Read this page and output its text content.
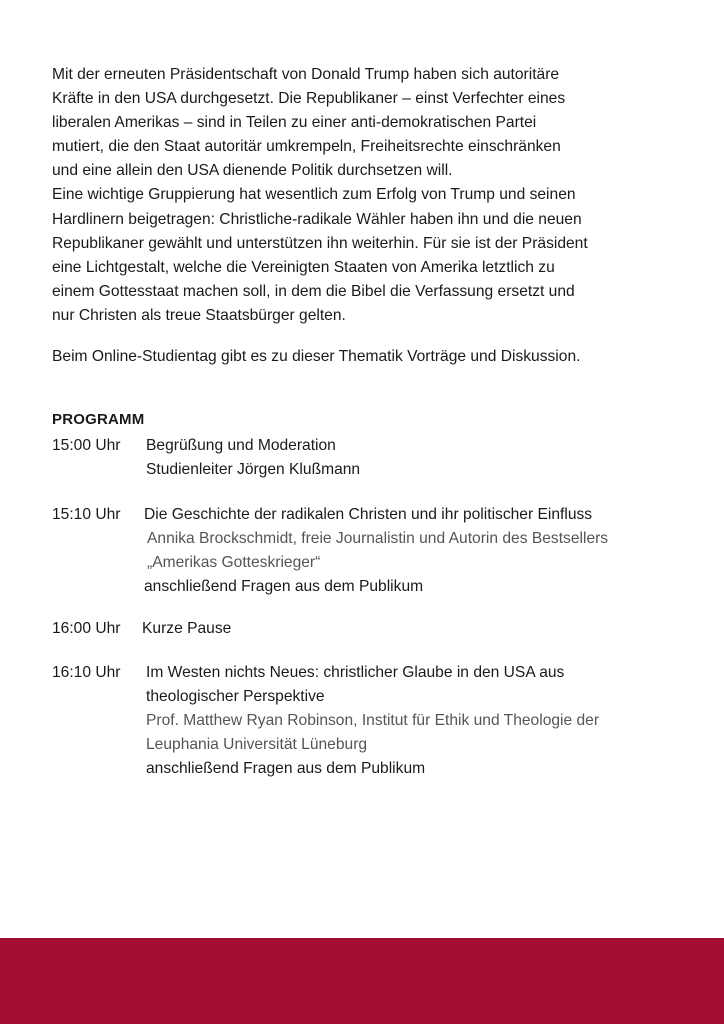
Mit der erneuten Präsidentschaft von Donald Trump haben sich autoritäre
Kräfte in den USA durchgesetzt. Die Republikaner – einst Verfechter eines
liberalen Amerikas – sind in Teilen zu einer anti-demokratischen Partei
mutiert, die den Staat autoritär umkrempeln, Freiheitsrechte einschränken
und eine allein den USA dienende Politik durchsetzen will.
Eine wichtige Gruppierung hat wesentlich zum Erfolg von Trump und seinen
Hardlinern beigetragen: Christliche-radikale Wähler haben ihn und die neuen
Republikaner gewählt und unterstützen ihn weiterhin. Für sie ist der Präsident
eine Lichtgestalt, welche die Vereinigten Staaten von Amerika letztlich zu
einem Gottesstaat machen soll, in dem die Bibel die Verfassung ersetzt und
nur Christen als treue Staatsbürger gelten.
Beim Online-Studientag gibt es zu dieser Thematik Vorträge und Diskussion.
PROGRAMM
15:00 Uhr Begrüßung und Moderation
Studienleiter Jörgen Klußmann
15:10 Uhr Die Geschichte der radikalen Christen und ihr politischer Einfluss
Annika Brockschmidt, freie Journalistin und Autorin des Bestsellers
„Amerikas Gotteskrieger“
anschließend Fragen aus dem Publikum
16:00 Uhr Kurze Pause
16:10 Uhr Im Westen nichts Neues: christlicher Glaube in den USA aus
theologischer Perspektive
Prof. Matthew Ryan Robinson, Institut für Ethik und Theologie der
Leuphania Universität Lüneburg
anschließend Fragen aus dem Publikum
